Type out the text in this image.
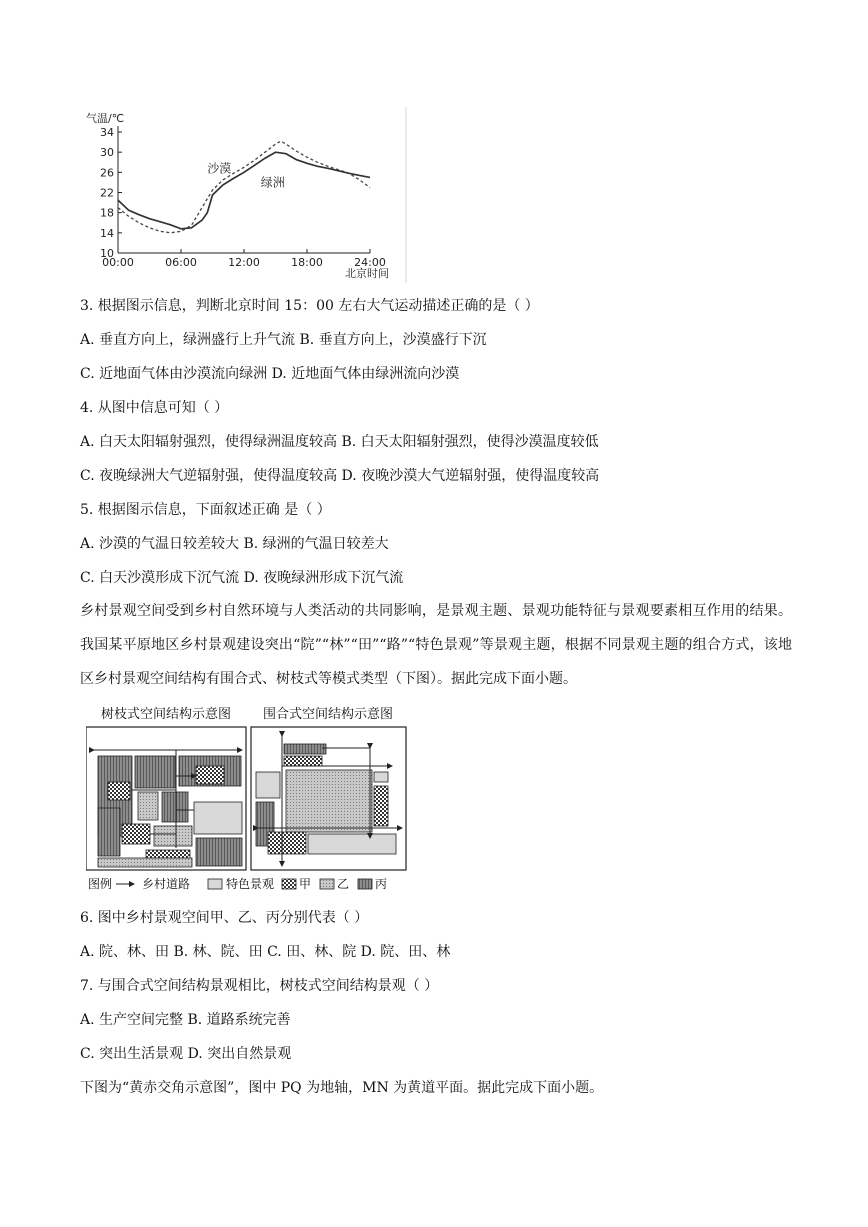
气温/℃
北京时间
10
14
18
22
26
30
34
00:00	06:00	12:00	18:00	24:00
沙漠
绿洲
3. 根据图示信息，判断北京时间 15：00 左右大气运动描述正确的是（ ）
A. 垂直方向上，绿洲盛行上升气流 B. 垂直方向上，沙漠盛行下沉
C. 近地面气体由沙漠流向绿洲 D. 近地面气体由绿洲流向沙漠
4. 从图中信息可知（ ）
A. 白天太阳辐射强烈，使得绿洲温度较高 B. 白天太阳辐射强烈，使得沙漠温度较低
C. 夜晚绿洲大气逆辐射强，使得温度较高 D. 夜晚沙漠大气逆辐射强，使得温度较高
5. 根据图示信息，下面叙述正确 是（ ）
A. 沙漠的气温日较差较大 B. 绿洲的气温日较差大
C. 白天沙漠形成下沉气流 D. 夜晚绿洲形成下沉气流
乡村景观空间受到乡村自然环境与人类活动的共同影响，是景观主题、景观功能特征与景观要素相互作用的结果。我国某平原地区乡村景观建设突出“院”“林”“田”“路”“特色景观”等景观主题，根据不同景观主题的组合方式，该地区乡村景观空间结构有围合式、树枝式等模式类型（下图）。据此完成下面小题。
树枝式空间结构示意图 围合式空间结构示意图
图例 乡村道路	特色景观 甲 乙 丙
6. 图中乡村景观空间甲、乙、丙分别代表（ ）
A. 院、林、田 B. 林、院、田 C. 田、林、院 D. 院、田、林
7. 与围合式空间结构景观相比，树枝式空间结构景观（ ）
A. 生产空间完整 B. 道路系统完善
C. 突出生活景观 D. 突出自然景观
下图为“黄赤交角示意图”，图中 PQ 为地轴，MN 为黄道平面。据此完成下面小题。
